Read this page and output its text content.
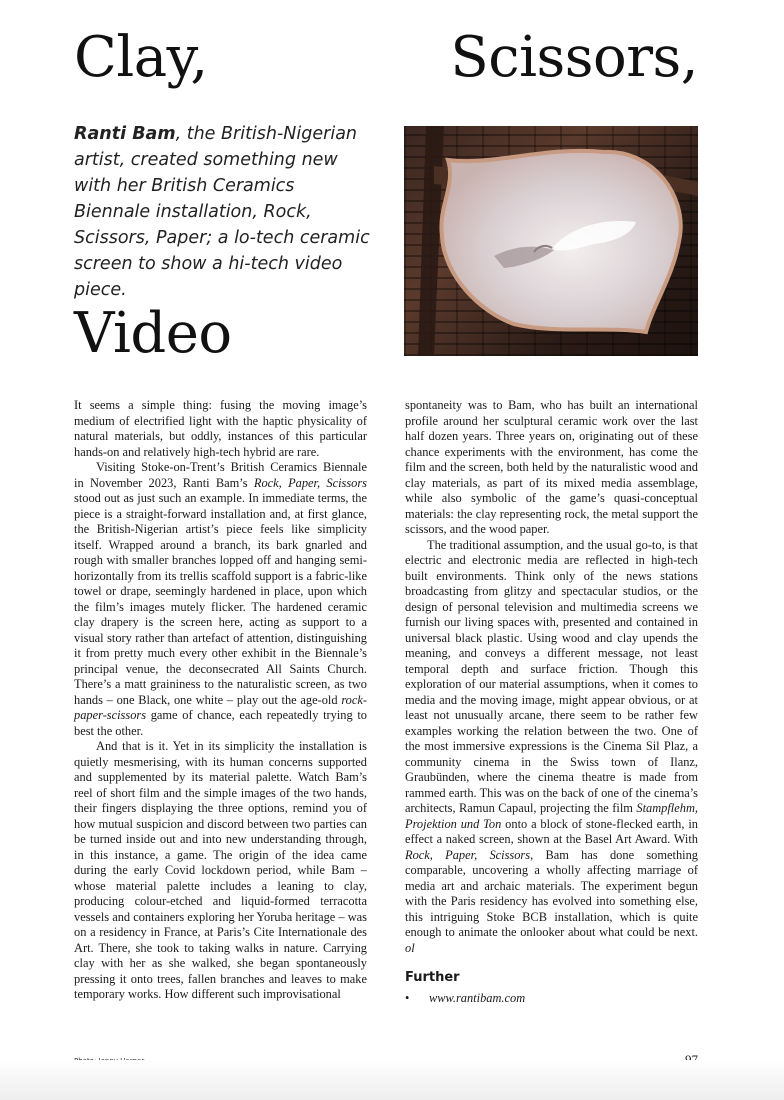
Clay,	Scissors,

Ranti Bam, the British-Nigerian artist, created something new with her British Ceramics Biennale installation, Rock, Scissors, Paper; a lo-tech ceramic screen to show a hi-tech video piece.

Video

It seems a simple thing: fusing the moving image’s medium of electrified light with the haptic physicality of natural materials, but oddly, instances of this particular hands-on and relatively high-tech hybrid are rare.

Visiting Stoke-on-Trent’s British Ceramics Biennale in November 2023, Ranti Bam’s Rock, Paper, Scissors stood out as just such an example. In immediate terms, the piece is a straight-forward installation and, at first glance, the British-Nigerian artist’s piece feels like simplicity itself. Wrapped around a branch, its bark gnarled and rough with smaller branches lopped off and hanging semi-horizontally from its trellis scaffold support is a fabric-like towel or drape, seemingly hardened in place, upon which the film’s images mutely flicker. The hardened ceramic clay drapery is the screen here, acting as support to a visual story rather than artefact of attention, distinguishing it from pretty much every other exhibit in the Biennale’s principal venue, the deconsecrated All Saints Church. There’s a matt graininess to the naturalistic screen, as two hands – one Black, one white – play out the age-old rock-paper-scissors game of chance, each repeatedly trying to best the other.

And that is it. Yet in its simplicity the installation is quietly mesmerising, with its human concerns supported and supplemented by its material palette. Watch Bam’s reel of short film and the simple images of the two hands, their fingers displaying the three options, remind you of how mutual suspicion and discord between two parties can be turned inside out and into new understanding through, in this instance, a game. The origin of the idea came during the early Covid lockdown period, while Bam – whose material palette includes a leaning to clay, producing colour-etched and liquid-formed terracotta vessels and containers exploring her Yoruba heritage – was on a residency in France, at Paris’s Cite Internationale des Art. There, she took to taking walks in nature. Carrying clay with her as she walked, she began spontaneously pressing it onto trees, fallen branches and leaves to make temporary works. How different such improvisational

spontaneity was to Bam, who has built an international profile around her sculptural ceramic work over the last half dozen years. Three years on, originating out of these chance experiments with the environment, has come the film and the screen, both held by the naturalistic wood and clay materials, as part of its mixed media assemblage, while also symbolic of the game’s quasi-conceptual materials: the clay representing rock, the metal support the scissors, and the wood paper.

The traditional assumption, and the usual go-to, is that electric and electronic media are reflected in high-tech built environments. Think only of the news stations broadcasting from glitzy and spectacular studios, or the design of personal television and multimedia screens we furnish our living spaces with, presented and contained in universal black plastic. Using wood and clay upends the meaning, and conveys a different message, not least temporal depth and surface friction. Though this exploration of our material assumptions, when it comes to media and the moving image, might appear obvious, or at least not unusually arcane, there seem to be rather few examples working the relation between the two. One of the most immersive expressions is the Cinema Sil Plaz, a community cinema in the Swiss town of Ilanz, Graubünden, where the cinema theatre is made from rammed earth. This was on the back of one of the cinema’s architects, Ramun Capaul, projecting the film Stampflehm, Projektion und Ton onto a block of stone-flecked earth, in effect a naked screen, shown at the Basel Art Award. With Rock, Paper, Scissors, Bam has done something comparable, uncovering a wholly affecting marriage of media art and archaic materials. The experiment begun with the Paris residency has evolved into something else, this intriguing Stoke BCB installation, which is quite enough to animate the onlooker about what could be next. ol

Further
• www.rantibam.com
